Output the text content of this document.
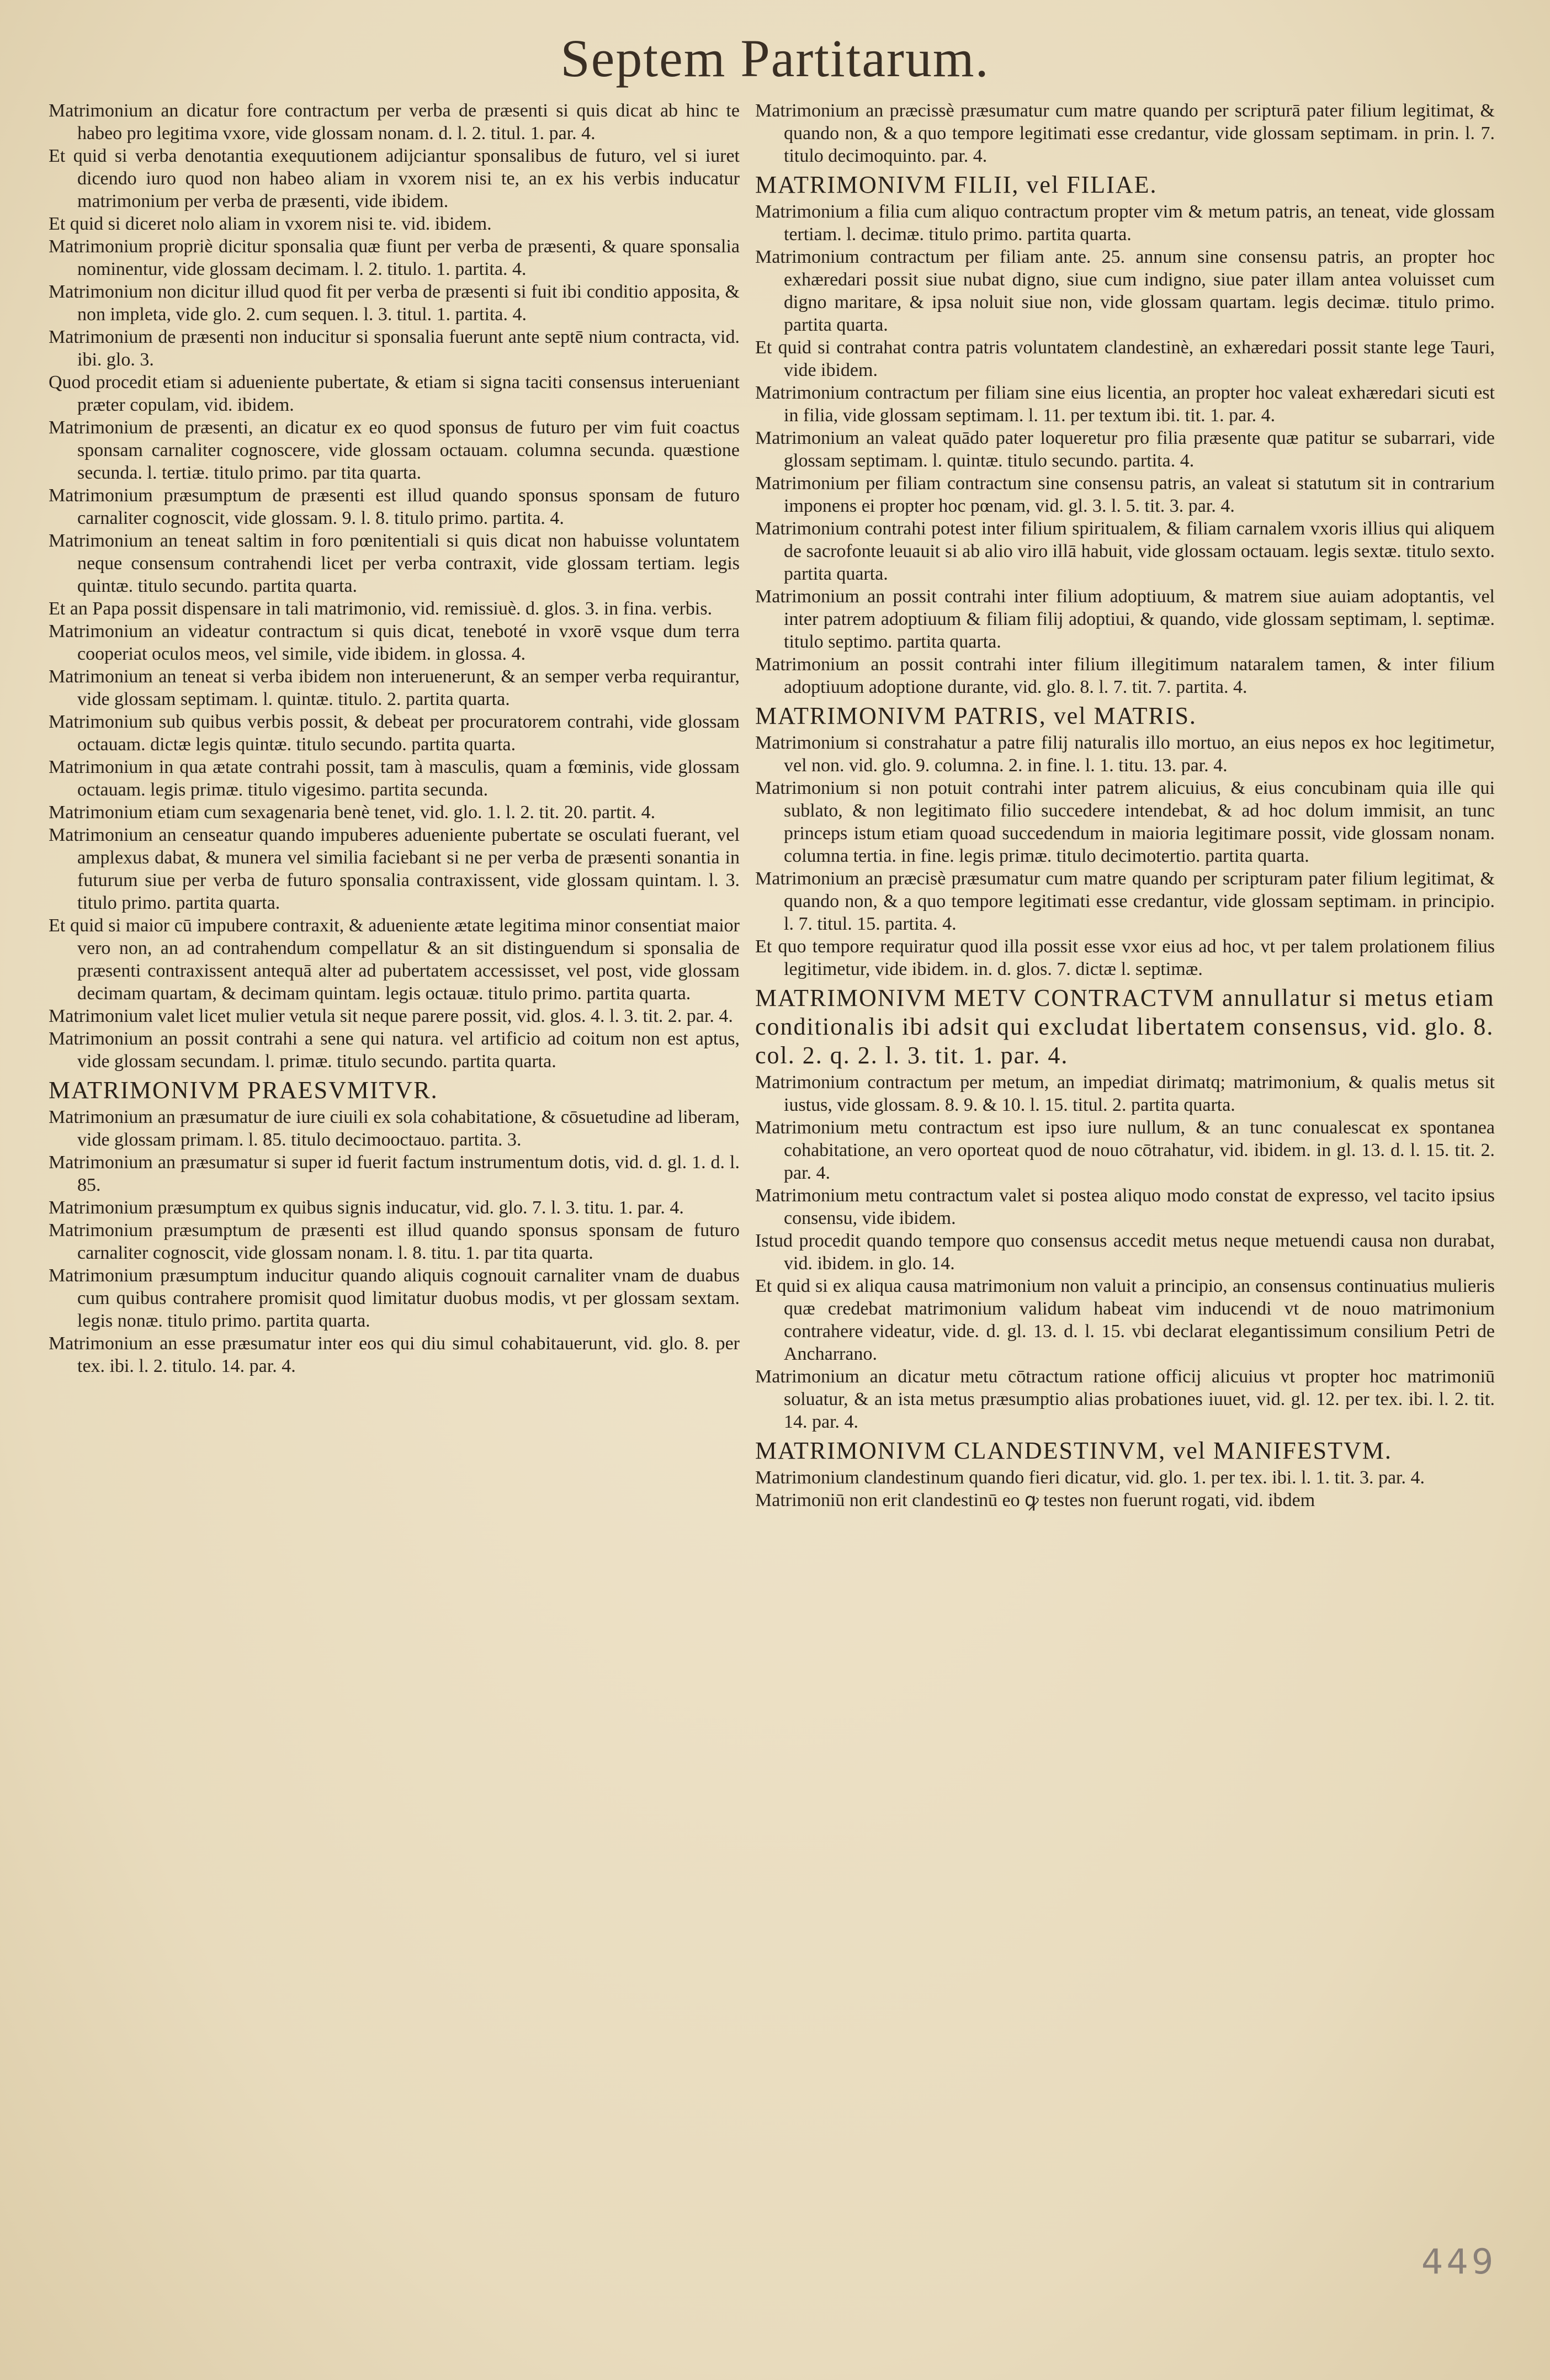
Septem Partitarum.

Matrimonium an dicatur fore contractum per verba de præsenti si quis dicat ab hinc te habeo pro legitima vxore, vide glossam nonam. d. l. 2. titul. 1. par. 4.

Et quid si verba denotantia exequutionem adijciantur sponsalibus de futuro, vel si iuret dicendo iuro quod non habeo aliam in vxorem nisi te, an ex his verbis inducatur matrimonium per verba de præsenti, vide ibidem.

Et quid si diceret nolo aliam in vxorem nisi te. vid. ibidem.

Matrimonium propriè dicitur sponsalia quæ fiunt per verba de præsenti, & quare sponsalia nominentur, vide glossam decimam. l. 2. titulo. 1. partita. 4.

Matrimonium non dicitur illud quod fit per verba de præsenti si fuit ibi conditio apposita, & non impleta, vide glo. 2. cum sequen. l. 3. titul. 1. partita. 4.

Matrimonium de præsenti non inducitur si sponsalia fuerunt ante septē nium contracta, vid. ibi. glo. 3.

Quod procedit etiam si adueniente pubertate, & etiam si signa taciti consensus interueniant præter copulam, vid. ibidem.

Matrimonium de præsenti, an dicatur ex eo quod sponsus de futuro per vim fuit coactus sponsam carnaliter cognoscere, vide glossam octauam. columna secunda. quæstione secunda. l. tertiæ. titulo primo. par tita quarta.

Matrimonium præsumptum de præsenti est illud quando sponsus sponsam de futuro carnaliter cognoscit, vide glossam. 9. l. 8. titulo primo. partita. 4.

Matrimonium an teneat saltim in foro pœnitentiali si quis dicat non habuisse voluntatem neque consensum contrahendi licet per verba contraxit, vide glossam tertiam. legis quintæ. titulo secundo. partita quarta.

Et an Papa possit dispensare in tali matrimonio, vid. remissiuè. d. glos. 3. in fina. verbis.

Matrimonium an videatur contractum si quis dicat, teneboté in vxorē vsque dum terra cooperiat oculos meos, vel simile, vide ibidem. in glossa. 4.

Matrimonium an teneat si verba ibidem non interuenerunt, & an semper verba requirantur, vide glossam septimam. l. quintæ. titulo. 2. partita quarta.

Matrimonium sub quibus verbis possit, & debeat per procuratorem contrahi, vide glossam octauam. dictæ legis quintæ. titulo secundo. partita quarta.

Matrimonium in qua ætate contrahi possit, tam à masculis, quam a fœminis, vide glossam octauam. legis primæ. titulo vigesimo. partita secunda.

Matrimonium etiam cum sexagenaria benè tenet, vid. glo. 1. l. 2. tit. 20. partit. 4.

Matrimonium an censeatur quando impuberes adueniente pubertate se osculati fuerant, vel amplexus dabat, & munera vel similia faciebant si ne per verba de præsenti sonantia in futurum siue per verba de futuro sponsalia contraxissent, vide glossam quintam. l. 3. titulo primo. partita quarta.

Et quid si maior cū impubere contraxit, & adueniente ætate legitima minor consentiat maior vero non, an ad contrahendum compellatur & an sit distinguendum si sponsalia de præsenti contraxissent antequā alter ad pubertatem accessisset, vel post, vide glossam decimam quartam, & decimam quintam. legis octauæ. titulo primo. partita quarta.

Matrimonium valet licet mulier vetula sit neque parere possit, vid. glos. 4. l. 3. tit. 2. par. 4.

Matrimonium an possit contrahi a sene qui natura. vel artificio ad coitum non est aptus, vide glossam secundam. l. primæ. titulo secundo. partita quarta.

MATRIMONIVM PRAESVMITVR.

Matrimonium an præsumatur de iure ciuili ex sola cohabitatione, & cōsuetudine ad liberam, vide glossam primam. l. 85. titulo decimooctauo. partita. 3.

Matrimonium an præsumatur si super id fuerit factum instrumentum dotis, vid. d. gl. 1. d. l. 85.

Matrimonium præsumptum ex quibus signis inducatur, vid. glo. 7. l. 3. titu. 1. par. 4.

Matrimonium præsumptum de præsenti est illud quando sponsus sponsam de futuro carnaliter cognoscit, vide glossam nonam. l. 8. titu. 1. par tita quarta.

Matrimonium præsumptum inducitur quando aliquis cognouit carnaliter vnam de duabus cum quibus contrahere promisit quod limitatur duobus modis, vt per glossam sextam. legis nonæ. titulo primo. partita quarta.

Matrimonium an esse præsumatur inter eos qui diu simul cohabitauerunt, vid. glo. 8. per tex. ibi. l. 2. titulo. 14. par. 4.

Matrimonium an præcissè præsumatur cum matre quando per scripturā pater filium legitimat, & quando non, & a quo tempore legitimati esse credantur, vide glossam septimam. in prin. l. 7. titulo decimoquinto. par. 4.

MATRIMONIVM FILII, vel FILIAE.

Matrimonium a filia cum aliquo contractum propter vim & metum patris, an teneat, vide glossam tertiam. l. decimæ. titulo primo. partita quarta.

Matrimonium contractum per filiam ante. 25. annum sine consensu patris, an propter hoc exhæredari possit siue nubat digno, siue cum indigno, siue pater illam antea voluisset cum digno maritare, & ipsa noluit siue non, vide glossam quartam. legis decimæ. titulo primo. partita quarta.

Et quid si contrahat contra patris voluntatem clandestinè, an exhæredari possit stante lege Tauri, vide ibidem.

Matrimonium contractum per filiam sine eius licentia, an propter hoc valeat exhæredari sicuti est in filia, vide glossam septimam. l. 11. per textum ibi. tit. 1. par. 4.

Matrimonium an valeat quādo pater loqueretur pro filia præsente quæ patitur se subarrari, vide glossam septimam. l. quintæ. titulo secundo. partita. 4.

Matrimonium per filiam contractum sine consensu patris, an valeat si statutum sit in contrarium imponens ei propter hoc pœnam, vid. gl. 3. l. 5. tit. 3. par. 4.

Matrimonium contrahi potest inter filium spiritualem, & filiam carnalem vxoris illius qui aliquem de sacrofonte leuauit si ab alio viro illā habuit, vide glossam octauam. legis sextæ. titulo sexto. partita quarta.

Matrimonium an possit contrahi inter filium adoptiuum, & matrem siue auiam adoptantis, vel inter patrem adoptiuum & filiam filij adoptiui, & quando, vide glossam septimam, l. septimæ. titulo septimo. partita quarta.

Matrimonium an possit contrahi inter filium illegitimum nataralem tamen, & inter filium adoptiuum adoptione durante, vid. glo. 8. l. 7. tit. 7. partita. 4.

MATRIMONIVM PATRIS, vel MATRIS.

Matrimonium si constrahatur a patre filij naturalis illo mortuo, an eius nepos ex hoc legitimetur, vel non. vid. glo. 9. columna. 2. in fine. l. 1. titu. 13. par. 4.

Matrimonium si non potuit contrahi inter patrem alicuius, & eius concubinam quia ille qui sublato, & non legitimato filio succedere intendebat, & ad hoc dolum immisit, an tunc princeps istum etiam quoad succedendum in maioria legitimare possit, vide glossam nonam. columna tertia. in fine. legis primæ. titulo decimotertio. partita quarta.

Matrimonium an præcisè præsumatur cum matre quando per scripturam pater filium legitimat, & quando non, & a quo tempore legitimati esse credantur, vide glossam septimam. in principio. l. 7. titul. 15. partita. 4.

Et quo tempore requiratur quod illa possit esse vxor eius ad hoc, vt per talem prolationem filius legitimetur, vide ibidem. in. d. glos. 7. dictæ l. septimæ.

MATRIMONIVM METV CONTRACTVM annullatur si metus etiam conditionalis ibi adsit qui excludat libertatem consensus, vid. glo. 8. col. 2. q. 2. l. 3. tit. 1. par. 4.

Matrimonium contractum per metum, an impediat dirimatq; matrimonium, & qualis metus sit iustus, vide glossam. 8. 9. & 10. l. 15. titul. 2. partita quarta.

Matrimonium metu contractum est ipso iure nullum, & an tunc conualescat ex spontanea cohabitatione, an vero oporteat quod de nouo cōtrahatur, vid. ibidem. in gl. 13. d. l. 15. tit. 2. par. 4.

Matrimonium metu contractum valet si postea aliquo modo constat de expresso, vel tacito ipsius consensu, vide ibidem.

Istud procedit quando tempore quo consensus accedit metus neque metuendi causa non durabat, vid. ibidem. in glo. 14.

Et quid si ex aliqua causa matrimonium non valuit a principio, an consensus continuatius mulieris quæ credebat matrimonium validum habeat vim inducendi vt de nouo matrimonium contrahere videatur, vide. d. gl. 13. d. l. 15. vbi declarat elegantissimum consilium Petri de Ancharrano.

Matrimonium an dicatur metu cōtractum ratione officij alicuius vt propter hoc matrimoniū soluatur, & an ista metus præsumptio alias probationes iuuet, vid. gl. 12. per tex. ibi. l. 2. tit. 14. par. 4.

MATRIMONIVM CLANDESTINVM, vel MANIFESTVM.

Matrimonium clandestinum quando fieri dicatur, vid. glo. 1. per tex. ibi. l. 1. tit. 3. par. 4.

Matrimoniū non erit clandestinū eo ꝙ testes non fuerunt rogati, vid. ibdem

449
